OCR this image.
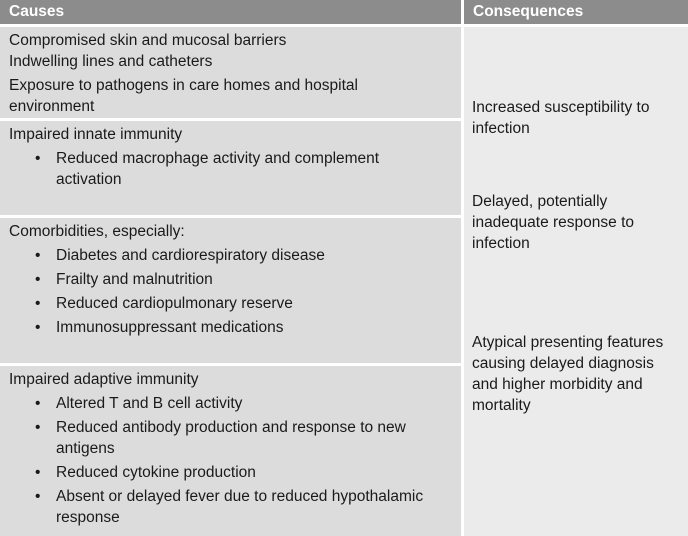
Causes	Consequences
Compromised skin and mucosal barriers
Indwelling lines and catheters
Exposure to pathogens in care homes and hospital
environment
Impaired innate immunity
• Reduced macrophage activity and complement
activation
Comorbidities, especially:
• Diabetes and cardiorespiratory disease
• Frailty and malnutrition
• Reduced cardiopulmonary reserve
• Immunosuppressant medications
Impaired adaptive immunity
• Altered T and B cell activity
• Reduced antibody production and response to new
antigens
• Reduced cytokine production
• Absent or delayed fever due to reduced hypothalamic
response
Increased susceptibility to
infection
Delayed, potentially
inadequate response to
infection
Atypical presenting features
causing delayed diagnosis
and higher morbidity and
mortality
